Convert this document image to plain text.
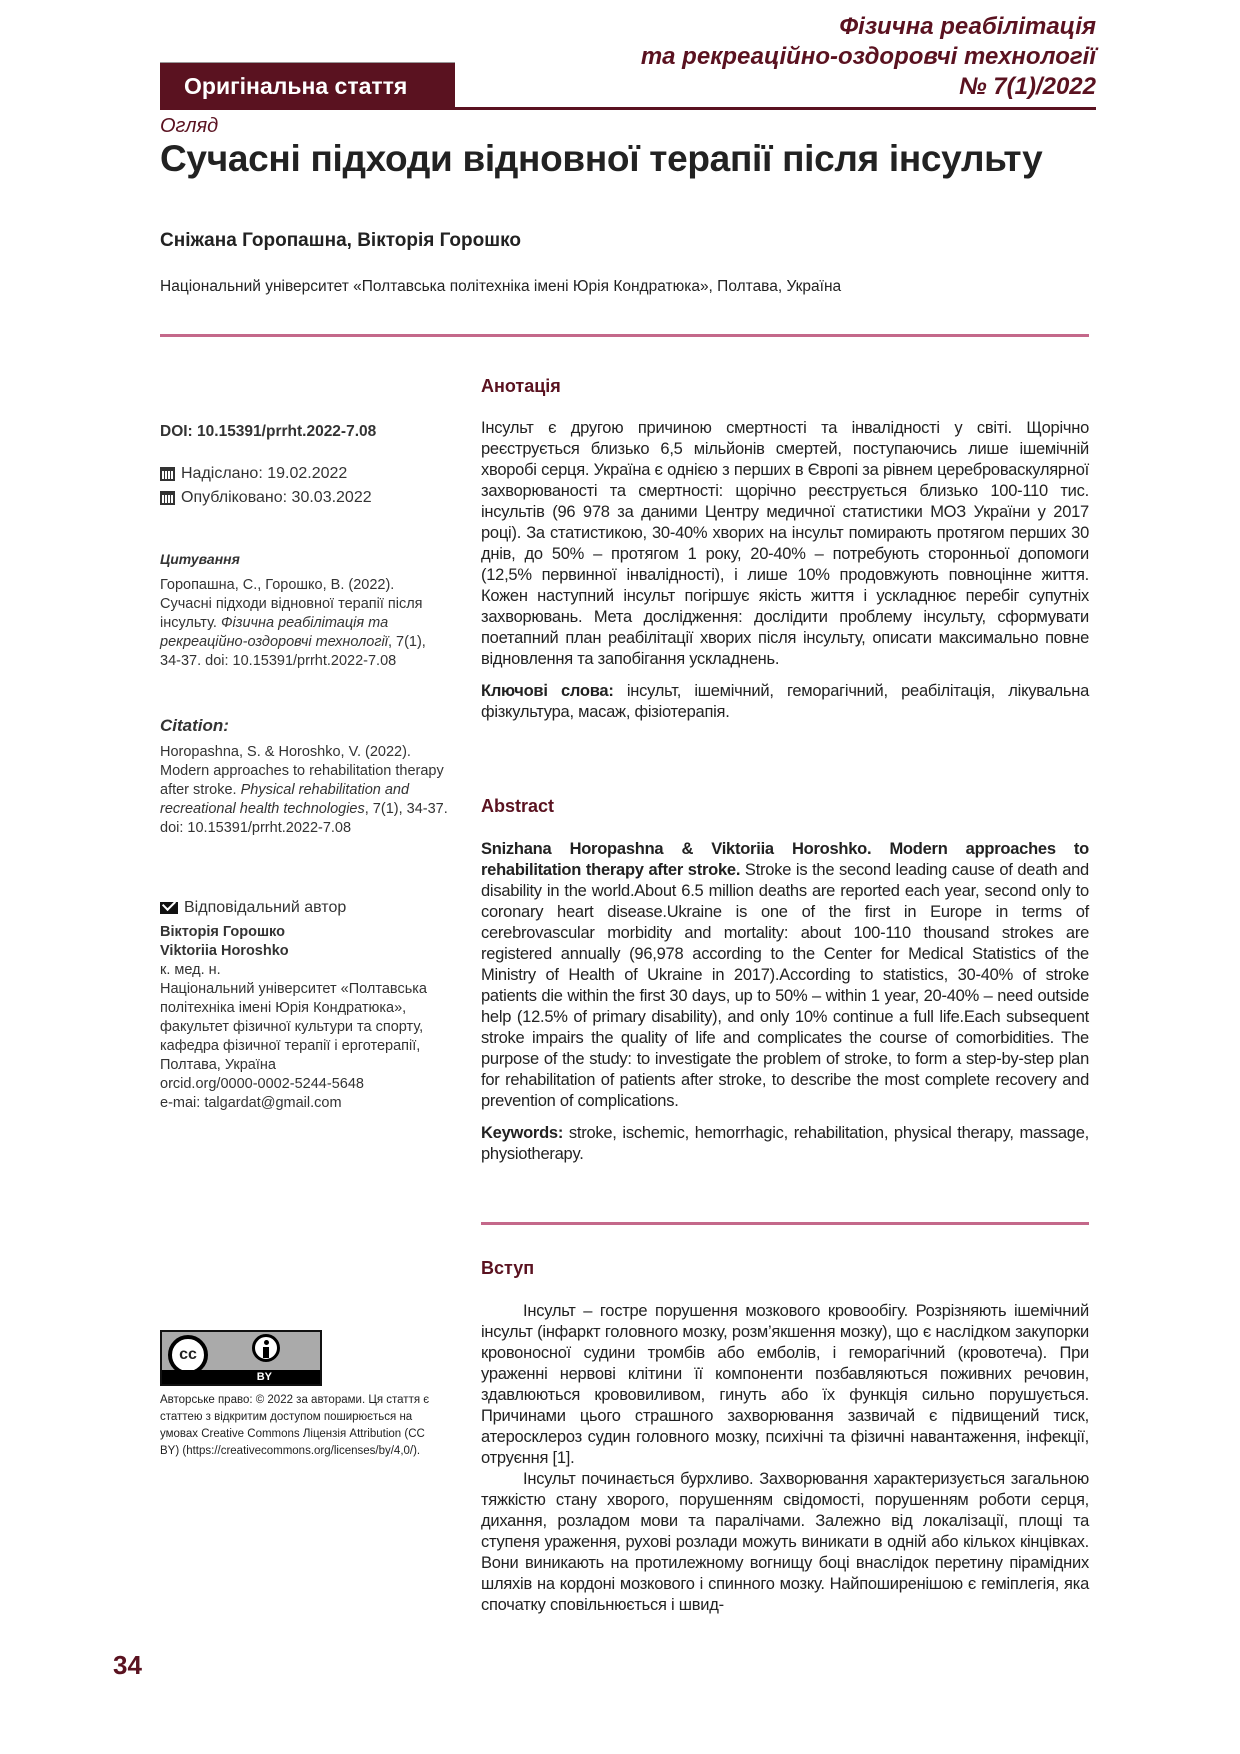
Фізична реабілітація
та рекреаційно-оздоровчі технології
№ 7(1)/2022
Оригінальна стаття
Огляд
Сучасні підходи відновної терапії після інсульту
Сніжана Горопашна, Вікторія Горошко
Національний університет «Полтавська політехніка імені Юрія Кондратюка», Полтава, Україна
DOI: 10.15391/prrht.2022-7.08
Надіслано: 19.02.2022
Опубліковано: 30.03.2022
Цитування
Горопашна, С., Горошко, В. (2022). Сучасні підходи відновної терапії після інсульту. Фізична реабілітація та рекреаційно-оздоровчі технології, 7(1), 34-37. doi: 10.15391/prrht.2022-7.08
Citation:
Horopashna, S. & Horoshko, V. (2022). Modern approaches to rehabilitation therapy after stroke. Physical rehabilitation and recreational health technologies, 7(1), 34-37. doi: 10.15391/prrht.2022-7.08
Відповідальний автор
Вікторія Горошко
Viktoriia Horoshko
к. мед. н.
Національний університет «Полтавська політехніка імені Юрія Кондратюка», факультет фізичної культури та спорту, кафедра фізичної терапії і ерготерапії,
Полтава, Україна
orcid.org/0000-0002-5244-5648
e-mai: talgardat@gmail.com
cc
BY
Авторське право: © 2022 за авторами. Ця стаття є статтею з відкритим доступом поширюється на умовах Creative Commons Ліцензія Attribution (CC BY) (https://creativecommons.org/licenses/by/4,0/).
Анотація

Інсульт є другою причиною смертності та інвалідності у світі. Щорічно реєструється близько 6,5 мільйонів смертей, поступаючись лише ішемічній хворобі серця. Україна є однією з перших в Європі за рівнем цереброваскулярної захворюваності та смертності: щорічно реєструється близько 100-110 тис. інсультів (96 978 за даними Центру медичної статистики МОЗ України у 2017 році). За статистикою, 30-40% хворих на інсульт помирають протягом перших 30 днів, до 50% – протягом 1 року, 20-40% – потребують сторонньої допомоги (12,5% первинної інвалідності), і лише 10% продовжують повноцінне життя. Кожен наступний інсульт погіршує якість життя і ускладнює перебіг супутніх захворювань. Мета дослідження: дослідити проблему інсульту, сформувати поетапний план реабілітації хворих після інсульту, описати максимально повне відновлення та запобігання ускладнень.

Ключові слова: інсульт, ішемічний, геморагічний, реабілітація, лікувальна фізкультура, масаж, фізіотерапія.

Abstract

Snizhana Horopashna & Viktoriia Horoshko. Modern approaches to rehabilitation therapy after stroke. Stroke is the second leading cause of death and disability in the world.About 6.5 million deaths are reported each year, second only to coronary heart disease.Ukraine is one of the first in Europe in terms of cerebrovascular morbidity and mortality: about 100-110 thousand strokes are registered annually (96,978 according to the Center for Medical Statistics of the Ministry of Health of Ukraine in 2017).According to statistics, 30-40% of stroke patients die within the first 30 days, up to 50% – within 1 year, 20-40% – need outside help (12.5% of primary disability), and only 10% continue a full life.Each subsequent stroke impairs the quality of life and complicates the course of comorbidities. The purpose of the study: to investigate the problem of stroke, to form a step-by-step plan for rehabilitation of patients after stroke, to describe the most complete recovery and prevention of complications.

Keywords: stroke, ischemic, hemorrhagic, rehabilitation, physical therapy, massage, physiotherapy.

Вступ

Інсульт – гостре порушення мозкового кровообігу. Розрізняють ішемічний інсульт (інфаркт головного мозку, розм’якшення мозку), що є наслідком закупорки кровоносної судини тромбів або емболів, і геморагічний (кровотеча). При ураженні нервові клітини її компоненти позбавляються поживних речовин, здавлюються крововиливом, гинуть або їх функція сильно порушується. Причинами цього страшного захворювання зазвичай є підвищений тиск, атеросклероз судин головного мозку, психічні та фізичні навантаження, інфекції, отруєння [1].

Інсульт починається бурхливо. Захворювання характеризується загальною тяжкістю стану хворого, порушенням свідомості, порушенням роботи серця, дихання, розладом мови та паралічами. Залежно від локалізації, площі та ступеня ураження, рухові розлади можуть виникати в одній або кількох кінцівках. Вони виникають на протилежному вогнищу боці внаслідок перетину пірамідних шляхів на кордоні мозкового і спинного мозку. Найпоширенішою є геміплегія, яка спочатку сповільнюється і швид-

34
